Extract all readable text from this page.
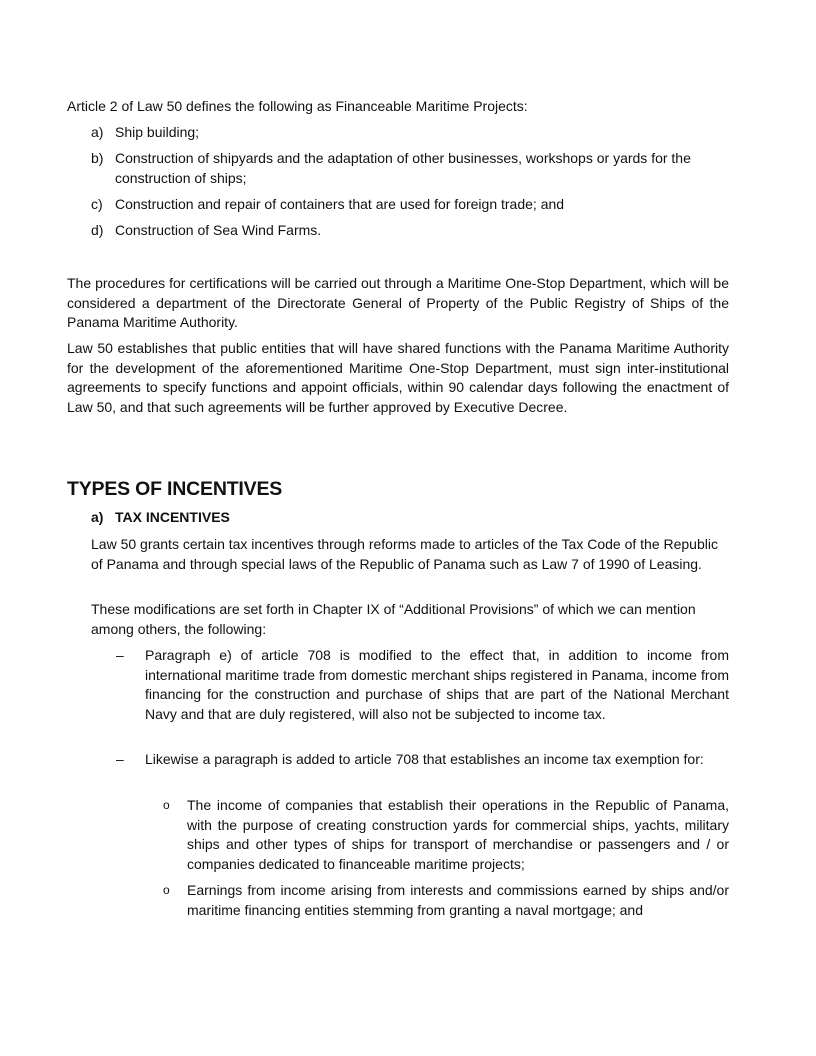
Article 2 of Law 50 defines the following as Financeable Maritime Projects:

a) Ship building;
b) Construction of shipyards and the adaptation of other businesses, workshops or yards for the construction of ships;
c) Construction and repair of containers that are used for foreign trade; and
d) Construction of Sea Wind Farms.

The procedures for certifications will be carried out through a Maritime One-Stop Department, which will be considered a department of the Directorate General of Property of the Public Registry of Ships of the Panama Maritime Authority.

Law 50 establishes that public entities that will have shared functions with the Panama Maritime Authority for the development of the aforementioned Maritime One-Stop Department, must sign inter-institutional agreements to specify functions and appoint officials, within 90 calendar days following the enactment of Law 50, and that such agreements will be further approved by Executive Decree.

TYPES OF INCENTIVES
a) TAX INCENTIVES

Law 50 grants certain tax incentives through reforms made to articles of the Tax Code of the Republic of Panama and through special laws of the Republic of Panama such as Law 7 of 1990 of Leasing.

These modifications are set forth in Chapter IX of “Additional Provisions” of which we can mention among others, the following:

– Paragraph e) of article 708 is modified to the effect that, in addition to income from international maritime trade from domestic merchant ships registered in Panama, income from financing for the construction and purchase of ships that are part of the National Merchant Navy and that are duly registered, will also not be subjected to income tax.
– Likewise a paragraph is added to article 708 that establishes an income tax exemption for:
o The income of companies that establish their operations in the Republic of Panama, with the purpose of creating construction yards for commercial ships, yachts, military ships and other types of ships for transport of merchandise or passengers and / or companies dedicated to financeable maritime projects;
o Earnings from income arising from interests and commissions earned by ships and/or maritime financing entities stemming from granting a naval mortgage; and
